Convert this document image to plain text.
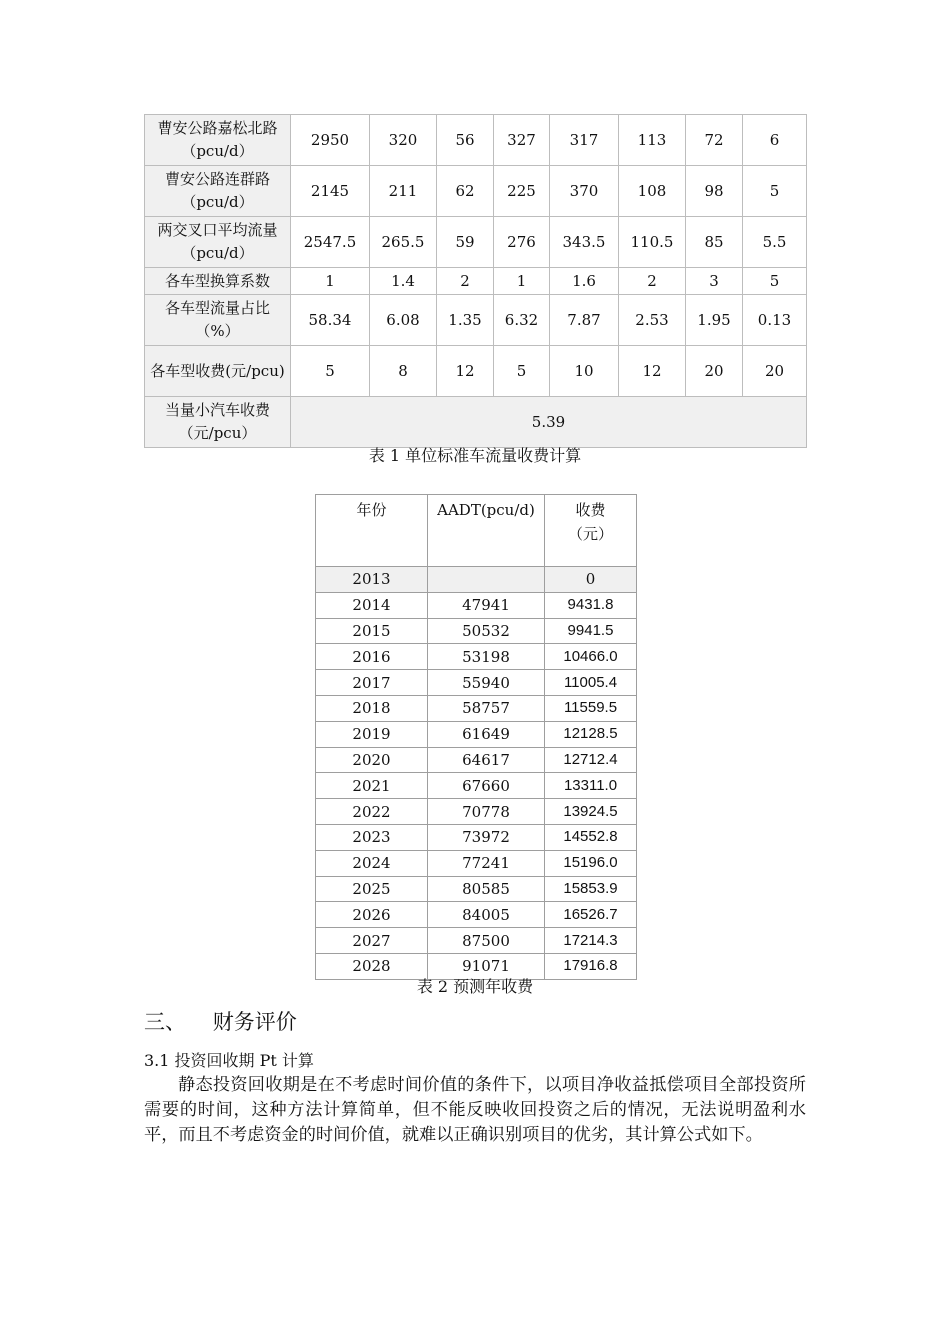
曹安公路嘉松北路（pcu/d）	2950	320	56	327	317	113	72	6
曹安公路连群路（pcu/d）	2145	211	62	225	370	108	98	5
两交叉口平均流量（pcu/d）	2547.5	265.5	59	276	343.5	110.5	85	5.5
各车型换算系数	1	1.4	2	1	1.6	2	3	5
各车型流量占比（%）	58.34	6.08	1.35	6.32	7.87	2.53	1.95	0.13
各车型收费(元/pcu)	5	8	12	5	10	12	20	20
当量小汽车收费（元/pcu）	5.39							
表 1 单位标准车流量收费计算
年份	AADT(pcu/d)	收费（元）

2013		0
2014	47941	9431.8
2015	50532	9941.5
2016	53198	10466.0
2017	55940	11005.4
2018	58757	11559.5
2019	61649	12128.5
2020	64617	12712.4
2021	67660	13311.0
2022	70778	13924.5
2023	73972	14552.8
2024	77241	15196.0
2025	80585	15853.9
2026	84005	16526.7
2027	87500	17214.3
2028	91071	17916.8
表 2 预测年收费
三、    财务评价
3.1 投资回收期 Pt 计算

静态投资回收期是在不考虑时间价值的条件下，以项目净收益抵偿项目全部投资所需要的时间，这种方法计算简单，但不能反映收回投资之后的情况，无法说明盈利水平，而且不考虑资金的时间价值，就难以正确识别项目的优劣，其计算公式如下。
